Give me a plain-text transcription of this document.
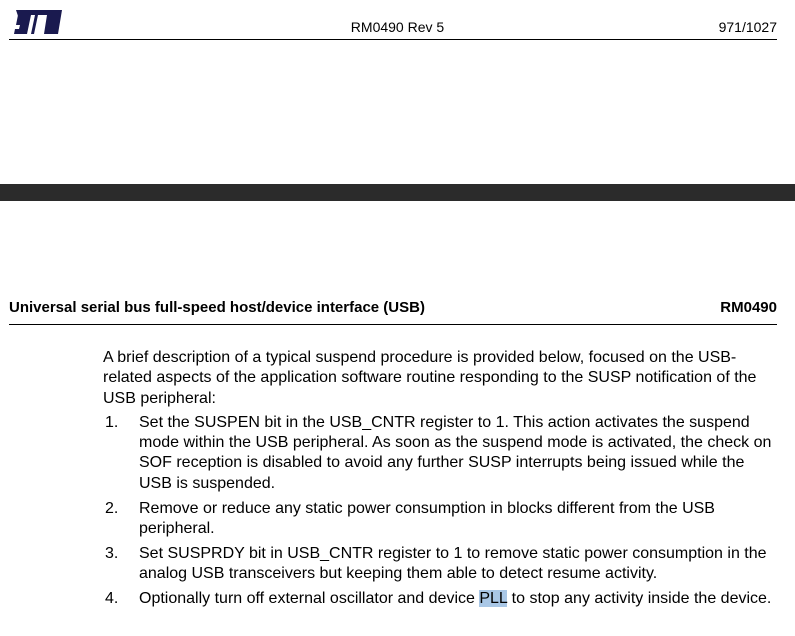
RM0490 Rev 5	971/1027
Universal serial bus full-speed host/device interface (USB)	RM0490

A brief description of a typical suspend procedure is provided below, focused on the USB-related aspects of the application software routine responding to the SUSP notification of the USB peripheral:

1. Set the SUSPEN bit in the USB_CNTR register to 1. This action activates the suspend mode within the USB peripheral. As soon as the suspend mode is activated, the check on SOF reception is disabled to avoid any further SUSP interrupts being issued while the USB is suspended.
2. Remove or reduce any static power consumption in blocks different from the USB peripheral.
3. Set SUSPRDY bit in USB_CNTR register to 1 to remove static power consumption in the analog USB transceivers but keeping them able to detect resume activity.
4. Optionally turn off external oscillator and device PLL to stop any activity inside the device.
